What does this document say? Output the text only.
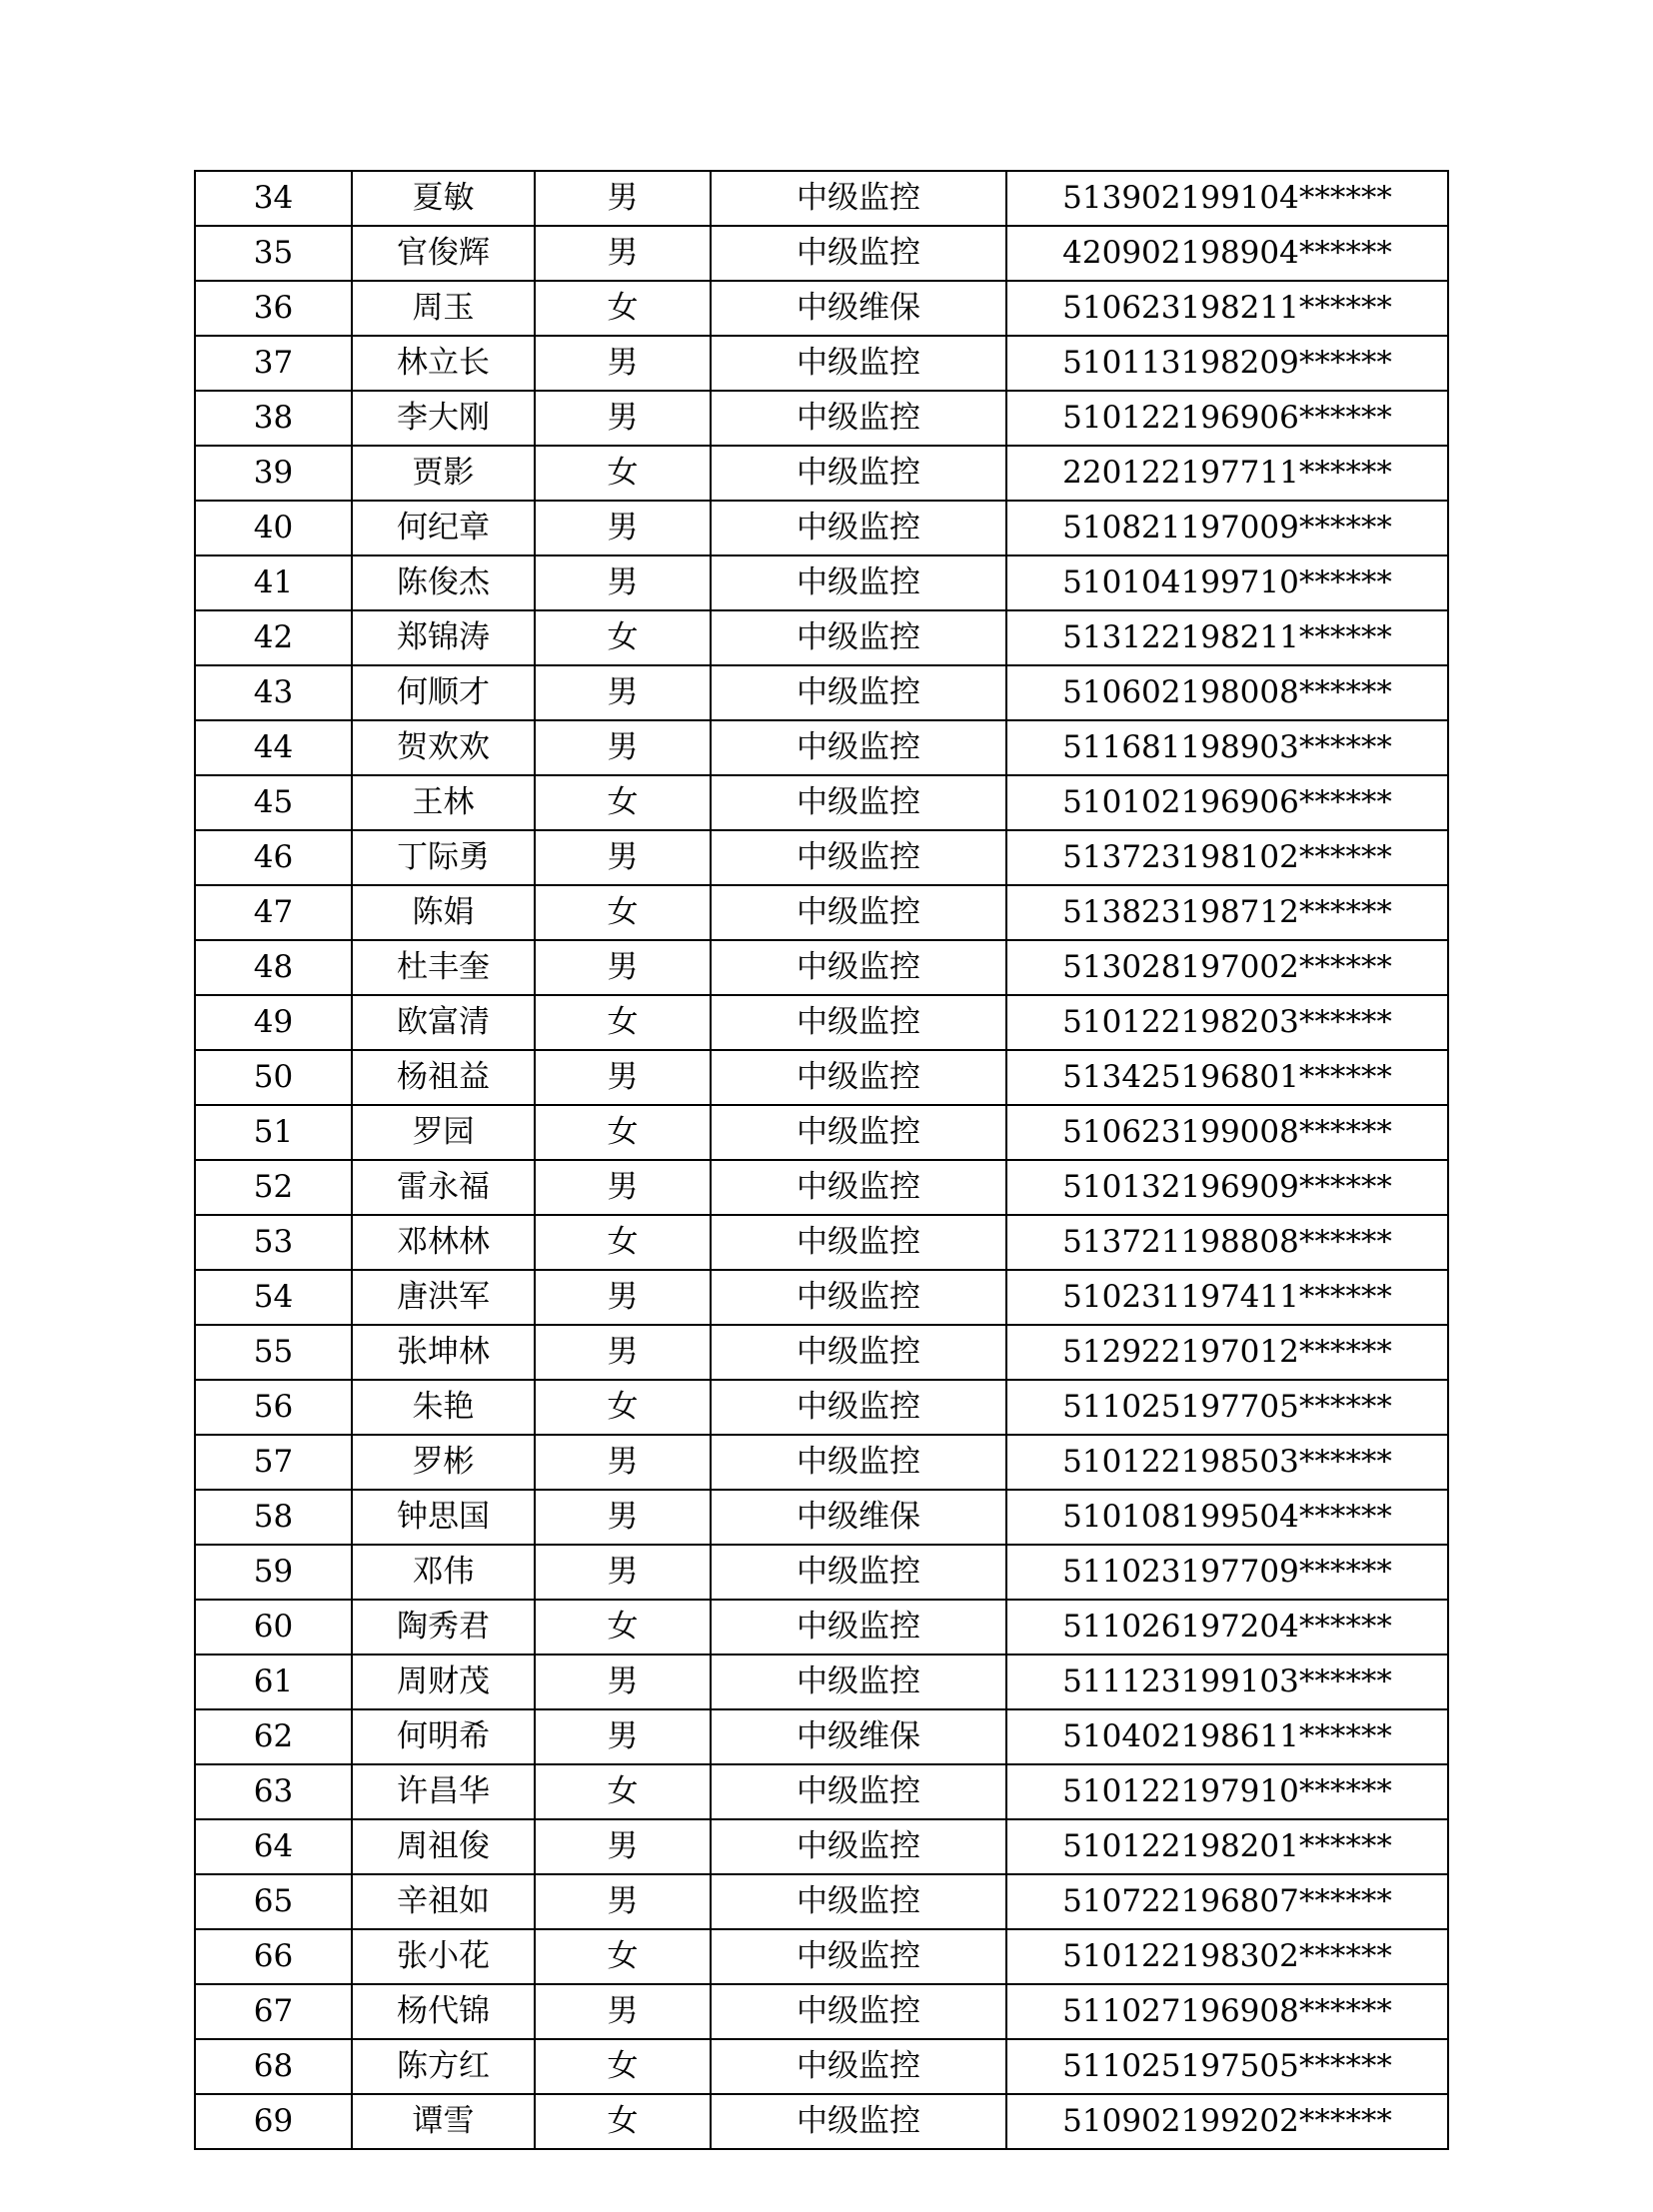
34	夏敏	男	中级监控	513902199104******
35	官俊辉	男	中级监控	420902198904******
36	周玉	女	中级维保	510623198211******
37	林立长	男	中级监控	510113198209******
38	李大刚	男	中级监控	510122196906******
39	贾影	女	中级监控	220122197711******
40	何纪章	男	中级监控	510821197009******
41	陈俊杰	男	中级监控	510104199710******
42	郑锦涛	女	中级监控	513122198211******
43	何顺才	男	中级监控	510602198008******
44	贺欢欢	男	中级监控	511681198903******
45	王林	女	中级监控	510102196906******
46	丁际勇	男	中级监控	513723198102******
47	陈娟	女	中级监控	513823198712******
48	杜丰奎	男	中级监控	513028197002******
49	欧富清	女	中级监控	510122198203******
50	杨祖益	男	中级监控	513425196801******
51	罗园	女	中级监控	510623199008******
52	雷永福	男	中级监控	510132196909******
53	邓林林	女	中级监控	513721198808******
54	唐洪军	男	中级监控	510231197411******
55	张坤林	男	中级监控	512922197012******
56	朱艳	女	中级监控	511025197705******
57	罗彬	男	中级监控	510122198503******
58	钟思国	男	中级维保	510108199504******
59	邓伟	男	中级监控	511023197709******
60	陶秀君	女	中级监控	511026197204******
61	周财茂	男	中级监控	511123199103******
62	何明希	男	中级维保	510402198611******
63	许昌华	女	中级监控	510122197910******
64	周祖俊	男	中级监控	510122198201******
65	辛祖如	男	中级监控	510722196807******
66	张小花	女	中级监控	510122198302******
67	杨代锦	男	中级监控	511027196908******
68	陈方红	女	中级监控	511025197505******
69	谭雪	女	中级监控	510902199202******
